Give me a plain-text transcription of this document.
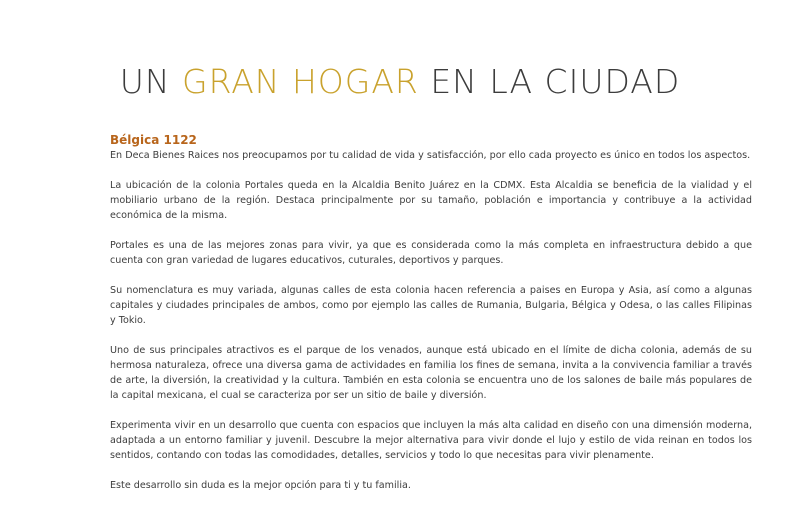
UN GRAN HOGAR EN LA CIUDAD

Bélgica 1122

En Deca Bienes Raices nos preocupamos por tu calidad de vida y satisfacción, por ello cada proyecto es único en todos los aspectos.

La ubicación de la colonia Portales queda en la Alcaldia Benito Juárez en la CDMX. Esta Alcaldia se beneficia de la vialidad y el mobiliario urbano de la región. Destaca principalmente por su tamaño, población e importancia y contribuye a la actividad económica de la misma.

Portales es una de las mejores zonas para vivir, ya que es considerada como la más completa en infraestructura debido a que cuenta con gran variedad de lugares educativos, cuturales, deportivos y parques.

Su nomenclatura es muy variada, algunas calles de esta colonia hacen referencia a paises en Europa y Asia, así como a algunas capitales y ciudades principales de ambos, como por ejemplo las calles de Rumania, Bulgaria, Bélgica y Odesa, o las calles Filipinas y Tokio.

Uno de sus principales atractivos es el parque de los venados, aunque está ubicado en el límite de dicha colonia, además de su hermosa naturaleza, ofrece una diversa gama de actividades en familia los fines de semana, invita a la convivencia familiar a través de arte, la diversión, la creatividad y la cultura. También en esta colonia se encuentra uno de los salones de baile más populares de la capital mexicana, el cual se caracteriza por ser un sitio de baile y diversión.

Experimenta vivir en un desarrollo que cuenta con espacios que incluyen la más alta calidad en diseño con una dimensión moderna, adaptada a un entorno familiar y juvenil. Descubre la mejor alternativa para vivir donde el lujo y estilo de vida reinan en todos los sentidos, contando con todas las comodidades, detalles, servicios y todo lo que necesitas para vivir plenamente.

Este desarrollo sin duda es la mejor opción para ti y tu familia.
